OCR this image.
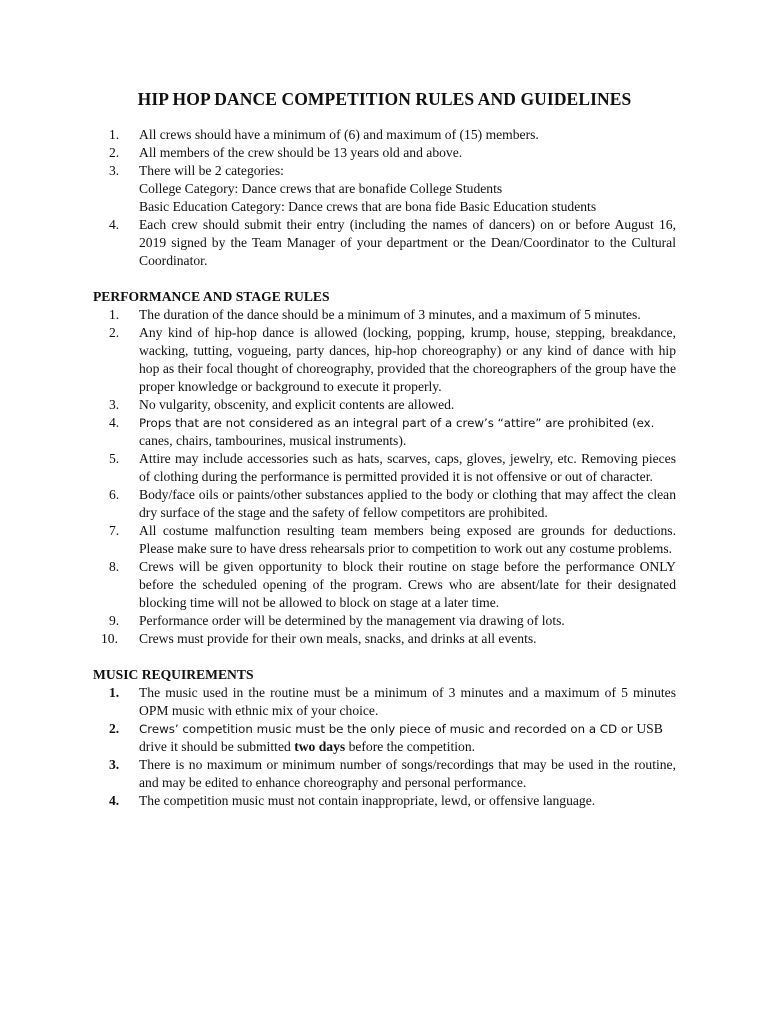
HIP HOP DANCE COMPETITION RULES AND GUIDELINES
1.	All crews should have a minimum of (6) and maximum of (15) members.
2.	All members of the crew should be 13 years old and above.
3.	There will be 2 categories:
College Category: Dance crews that are bonafide College Students
Basic Education Category: Dance crews that are bona fide Basic Education students
4.	Each crew should submit their entry (including the names of dancers) on or before August 16, 2019 signed by the Team Manager of your department or the Dean/Coordinator to the Cultural Coordinator.
PERFORMANCE AND STAGE RULES
1.	The duration of the dance should be a minimum of 3 minutes, and a maximum of 5 minutes.
2.	Any kind of hip-hop dance is allowed (locking, popping, krump, house, stepping, breakdance, wacking, tutting, vogueing, party dances, hip-hop choreography) or any kind of dance with hip hop as their focal thought of choreography, provided that the choreographers of the group have the proper knowledge or background to execute it properly.
3.	No vulgarity, obscenity, and explicit contents are allowed.
4.	Props that are not considered as an integral part of a crew’s “attire” are prohibited (ex. canes, chairs, tambourines, musical instruments).
5.	Attire may include accessories such as hats, scarves, caps, gloves, jewelry, etc. Removing pieces of clothing during the performance is permitted provided it is not offensive or out of character.
6.	Body/face oils or paints/other substances applied to the body or clothing that may affect the clean dry surface of the stage and the safety of fellow competitors are prohibited.
7.	All costume malfunction resulting team members being exposed are grounds for deductions. Please make sure to have dress rehearsals prior to competition to work out any costume problems.
8.	Crews will be given opportunity to block their routine on stage before the performance ONLY before the scheduled opening of the program. Crews who are absent/late for their designated blocking time will not be allowed to block on stage at a later time.
9.	Performance order will be determined by the management via drawing of lots.
10.	Crews must provide for their own meals, snacks, and drinks at all events.
MUSIC REQUIREMENTS
1.	The music used in the routine must be a minimum of 3 minutes and a maximum of 5 minutes OPM music with ethnic mix of your choice.
2.	Crews’ competition music must be the only piece of music and recorded on a CD or USB drive it should be submitted two days before the competition.
3.	There is no maximum or minimum number of songs/recordings that may be used in the routine, and may be edited to enhance choreography and personal performance.
4.	The competition music must not contain inappropriate, lewd, or offensive language.
